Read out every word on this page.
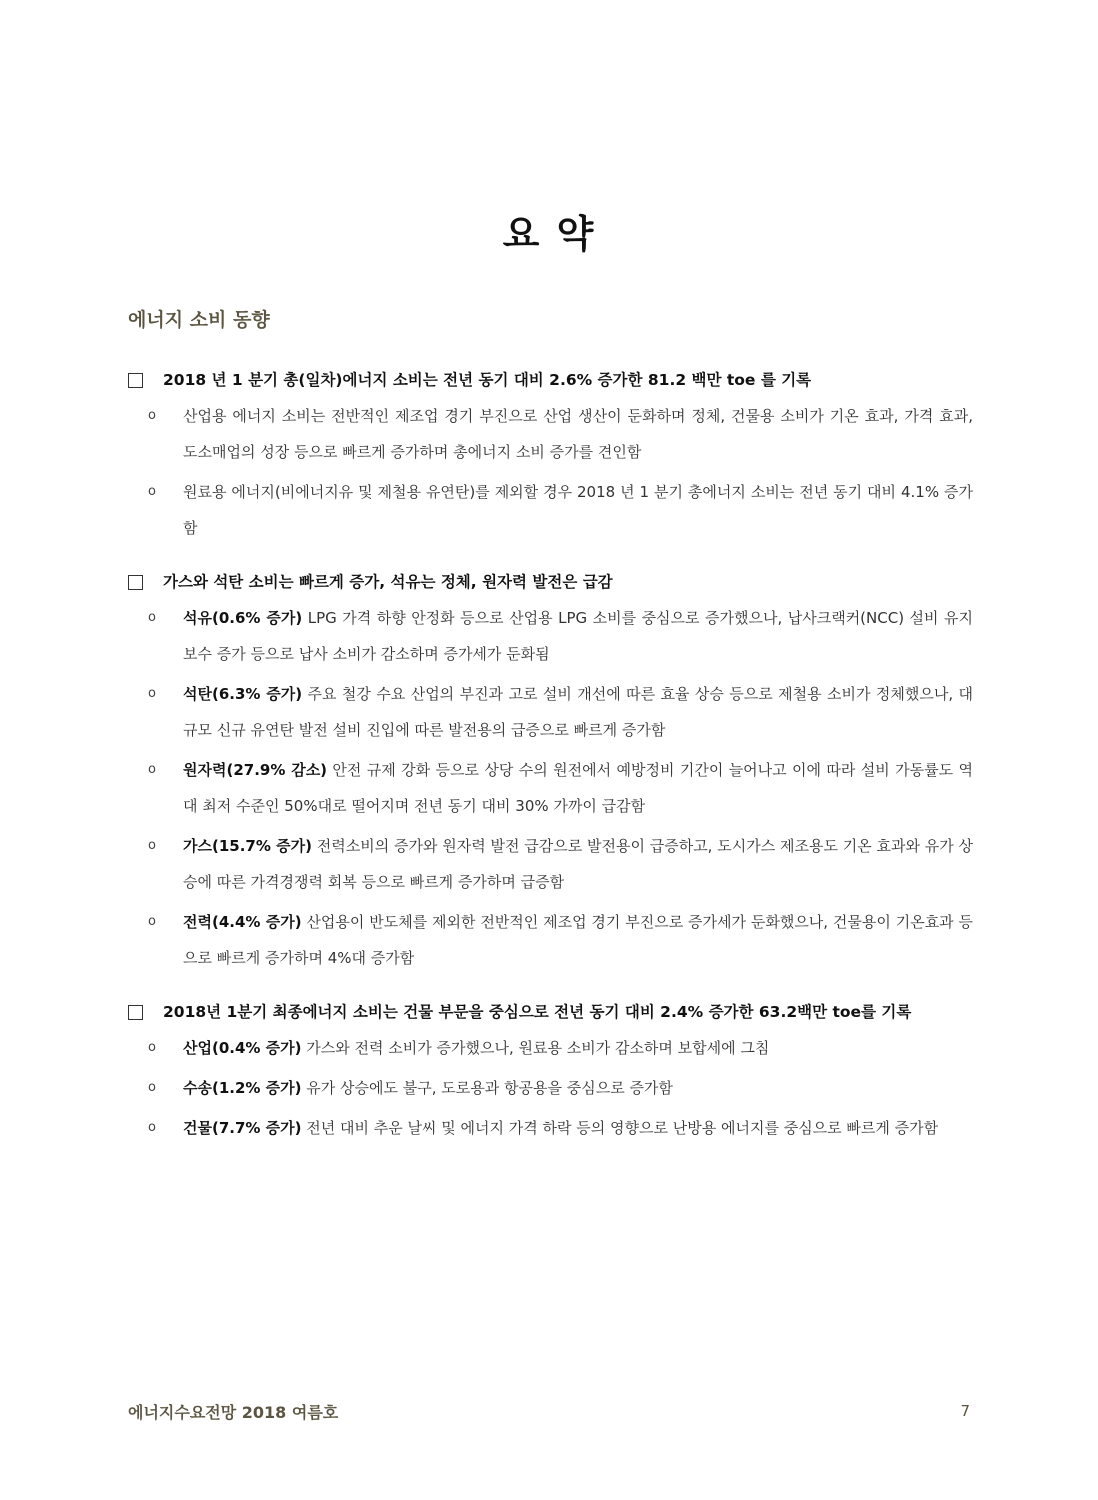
요 약
에너지 소비 동향
2018 년 1 분기 총(일차)에너지 소비는 전년 동기 대비 2.6% 증가한 81.2 백만 toe 를 기록
o	산업용 에너지 소비는 전반적인 제조업 경기 부진으로 산업 생산이 둔화하며 정체, 건물용 소비가 기온 효과, 가격 효과, 도소매업의 성장 등으로 빠르게 증가하며 총에너지 소비 증가를 견인함
o	원료용 에너지(비에너지유 및 제철용 유연탄)를 제외할 경우 2018 년 1 분기 총에너지 소비는 전년 동기 대비 4.1% 증가함
가스와 석탄 소비는 빠르게 증가, 석유는 정체, 원자력 발전은 급감
o	석유(0.6% 증가) LPG 가격 하향 안정화 등으로 산업용 LPG 소비를 중심으로 증가했으나, 납사크랙커(NCC) 설비 유지 보수 증가 등으로 납사 소비가 감소하며 증가세가 둔화됨
o	석탄(6.3% 증가) 주요 철강 수요 산업의 부진과 고로 설비 개선에 따른 효율 상승 등으로 제철용 소비가 정체했으나, 대규모 신규 유연탄 발전 설비 진입에 따른 발전용의 급증으로 빠르게 증가함
o	원자력(27.9% 감소) 안전 규제 강화 등으로 상당 수의 원전에서 예방정비 기간이 늘어나고 이에 따라 설비 가동률도 역대 최저 수준인 50%대로 떨어지며 전년 동기 대비 30% 가까이 급감함
o	가스(15.7% 증가) 전력소비의 증가와 원자력 발전 급감으로 발전용이 급증하고, 도시가스 제조용도 기온 효과와 유가 상승에 따른 가격경쟁력 회복 등으로 빠르게 증가하며 급증함
o	전력(4.4% 증가) 산업용이 반도체를 제외한 전반적인 제조업 경기 부진으로 증가세가 둔화했으나, 건물용이 기온효과 등으로 빠르게 증가하며 4%대 증가함
2018년 1분기 최종에너지 소비는 건물 부문을 중심으로 전년 동기 대비 2.4% 증가한 63.2백만 toe를 기록
o	산업(0.4% 증가) 가스와 전력 소비가 증가했으나, 원료용 소비가 감소하며 보합세에 그침
o	수송(1.2% 증가) 유가 상승에도 불구, 도로용과 항공용을 중심으로 증가함
o	건물(7.7% 증가) 전년 대비 추운 날씨 및 에너지 가격 하락 등의 영향으로 난방용 에너지를 중심으로 빠르게 증가함
에너지수요전망 2018 여름호	7
